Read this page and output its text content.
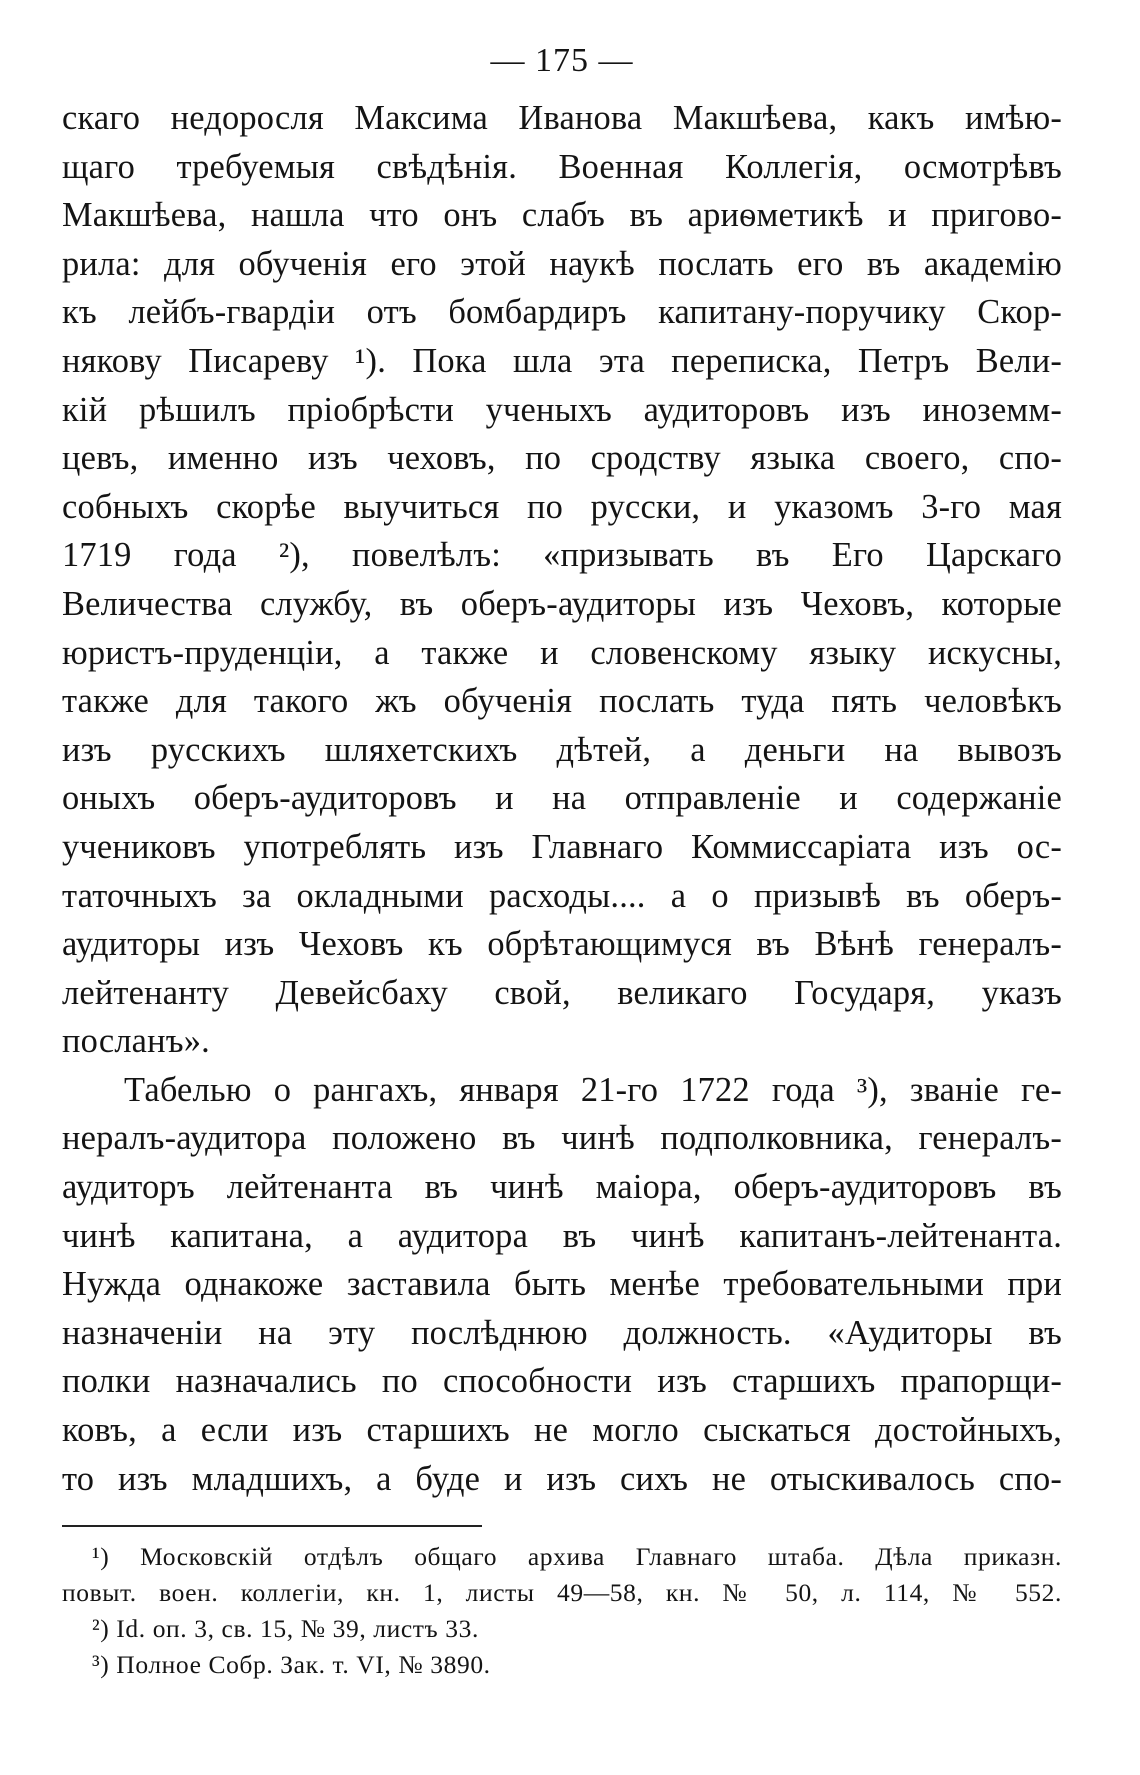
— 175 —
скаго недоросля Максима Иванова Макшѣева, какъ имѣю-
щаго требуемыя свѣдѣнія. Военная Коллегія, осмотрѣвъ
Макшѣева, нашла что онъ слабъ въ ариѳметикѣ и пригово-
рила: для обученія его этой наукѣ послать его въ академію
къ лейбъ-гвардіи отъ бомбардиръ капитану-поручику Скор-
някову Писареву ¹). Пока шла эта переписка, Петръ Вели-
кій рѣшилъ пріобрѣсти ученыхъ аудиторовъ изъ иноземм-
цевъ, именно изъ чеховъ, по сродству языка своего, спо-
собныхъ скорѣе выучиться по русски, и указомъ 3-го мая
1719 года ²), повелѣлъ: «призывать въ Его Царскаго
Величества службу, въ оберъ-аудиторы изъ Чеховъ, которые
юристъ-пруденціи, а также и словенскому языку искусны,
также для такого жъ обученія послать туда пять человѣкъ
изъ русскихъ шляхетскихъ дѣтей, а деньги на вывозъ
оныхъ оберъ-аудиторовъ и на отправленіе и содержаніе
учениковъ употреблять изъ Главнаго Коммиссаріата изъ ос-
таточныхъ за окладными расходы.... а о призывѣ въ оберъ-
аудиторы изъ Чеховъ къ обрѣтающимуся въ Вѣнѣ генералъ-
лейтенанту Девейсбаху свой, великаго Государя, указъ
посланъ».
Табелью о рангахъ, января 21-го 1722 года ³), званіе ге-
нералъ-аудитора положено въ чинѣ подполковника, генералъ-
аудиторъ лейтенанта въ чинѣ маіора, оберъ-аудиторовъ въ
чинѣ капитана, а аудитора въ чинѣ капитанъ-лейтенанта.
Нужда однакоже заставила быть менѣе требовательными при
назначеніи на эту послѣднюю должность. «Аудиторы въ
полки назначались по способности изъ старшихъ прапорщи-
ковъ, а если изъ старшихъ не могло сыскаться достойныхъ,
то изъ младшихъ, а буде и изъ сихъ не отыскивалось спо-
¹) Московскій отдѣлъ общаго архива Главнаго штаба. Дѣла приказн.
повыт. воен. коллегіи, кн. 1, листы 49—58, кн. № 50, л. 114, № 552.
²) Id. оп. 3, св. 15, № 39, листъ 33.
³) Полное Собр. Зак. т. VI, № 3890.
